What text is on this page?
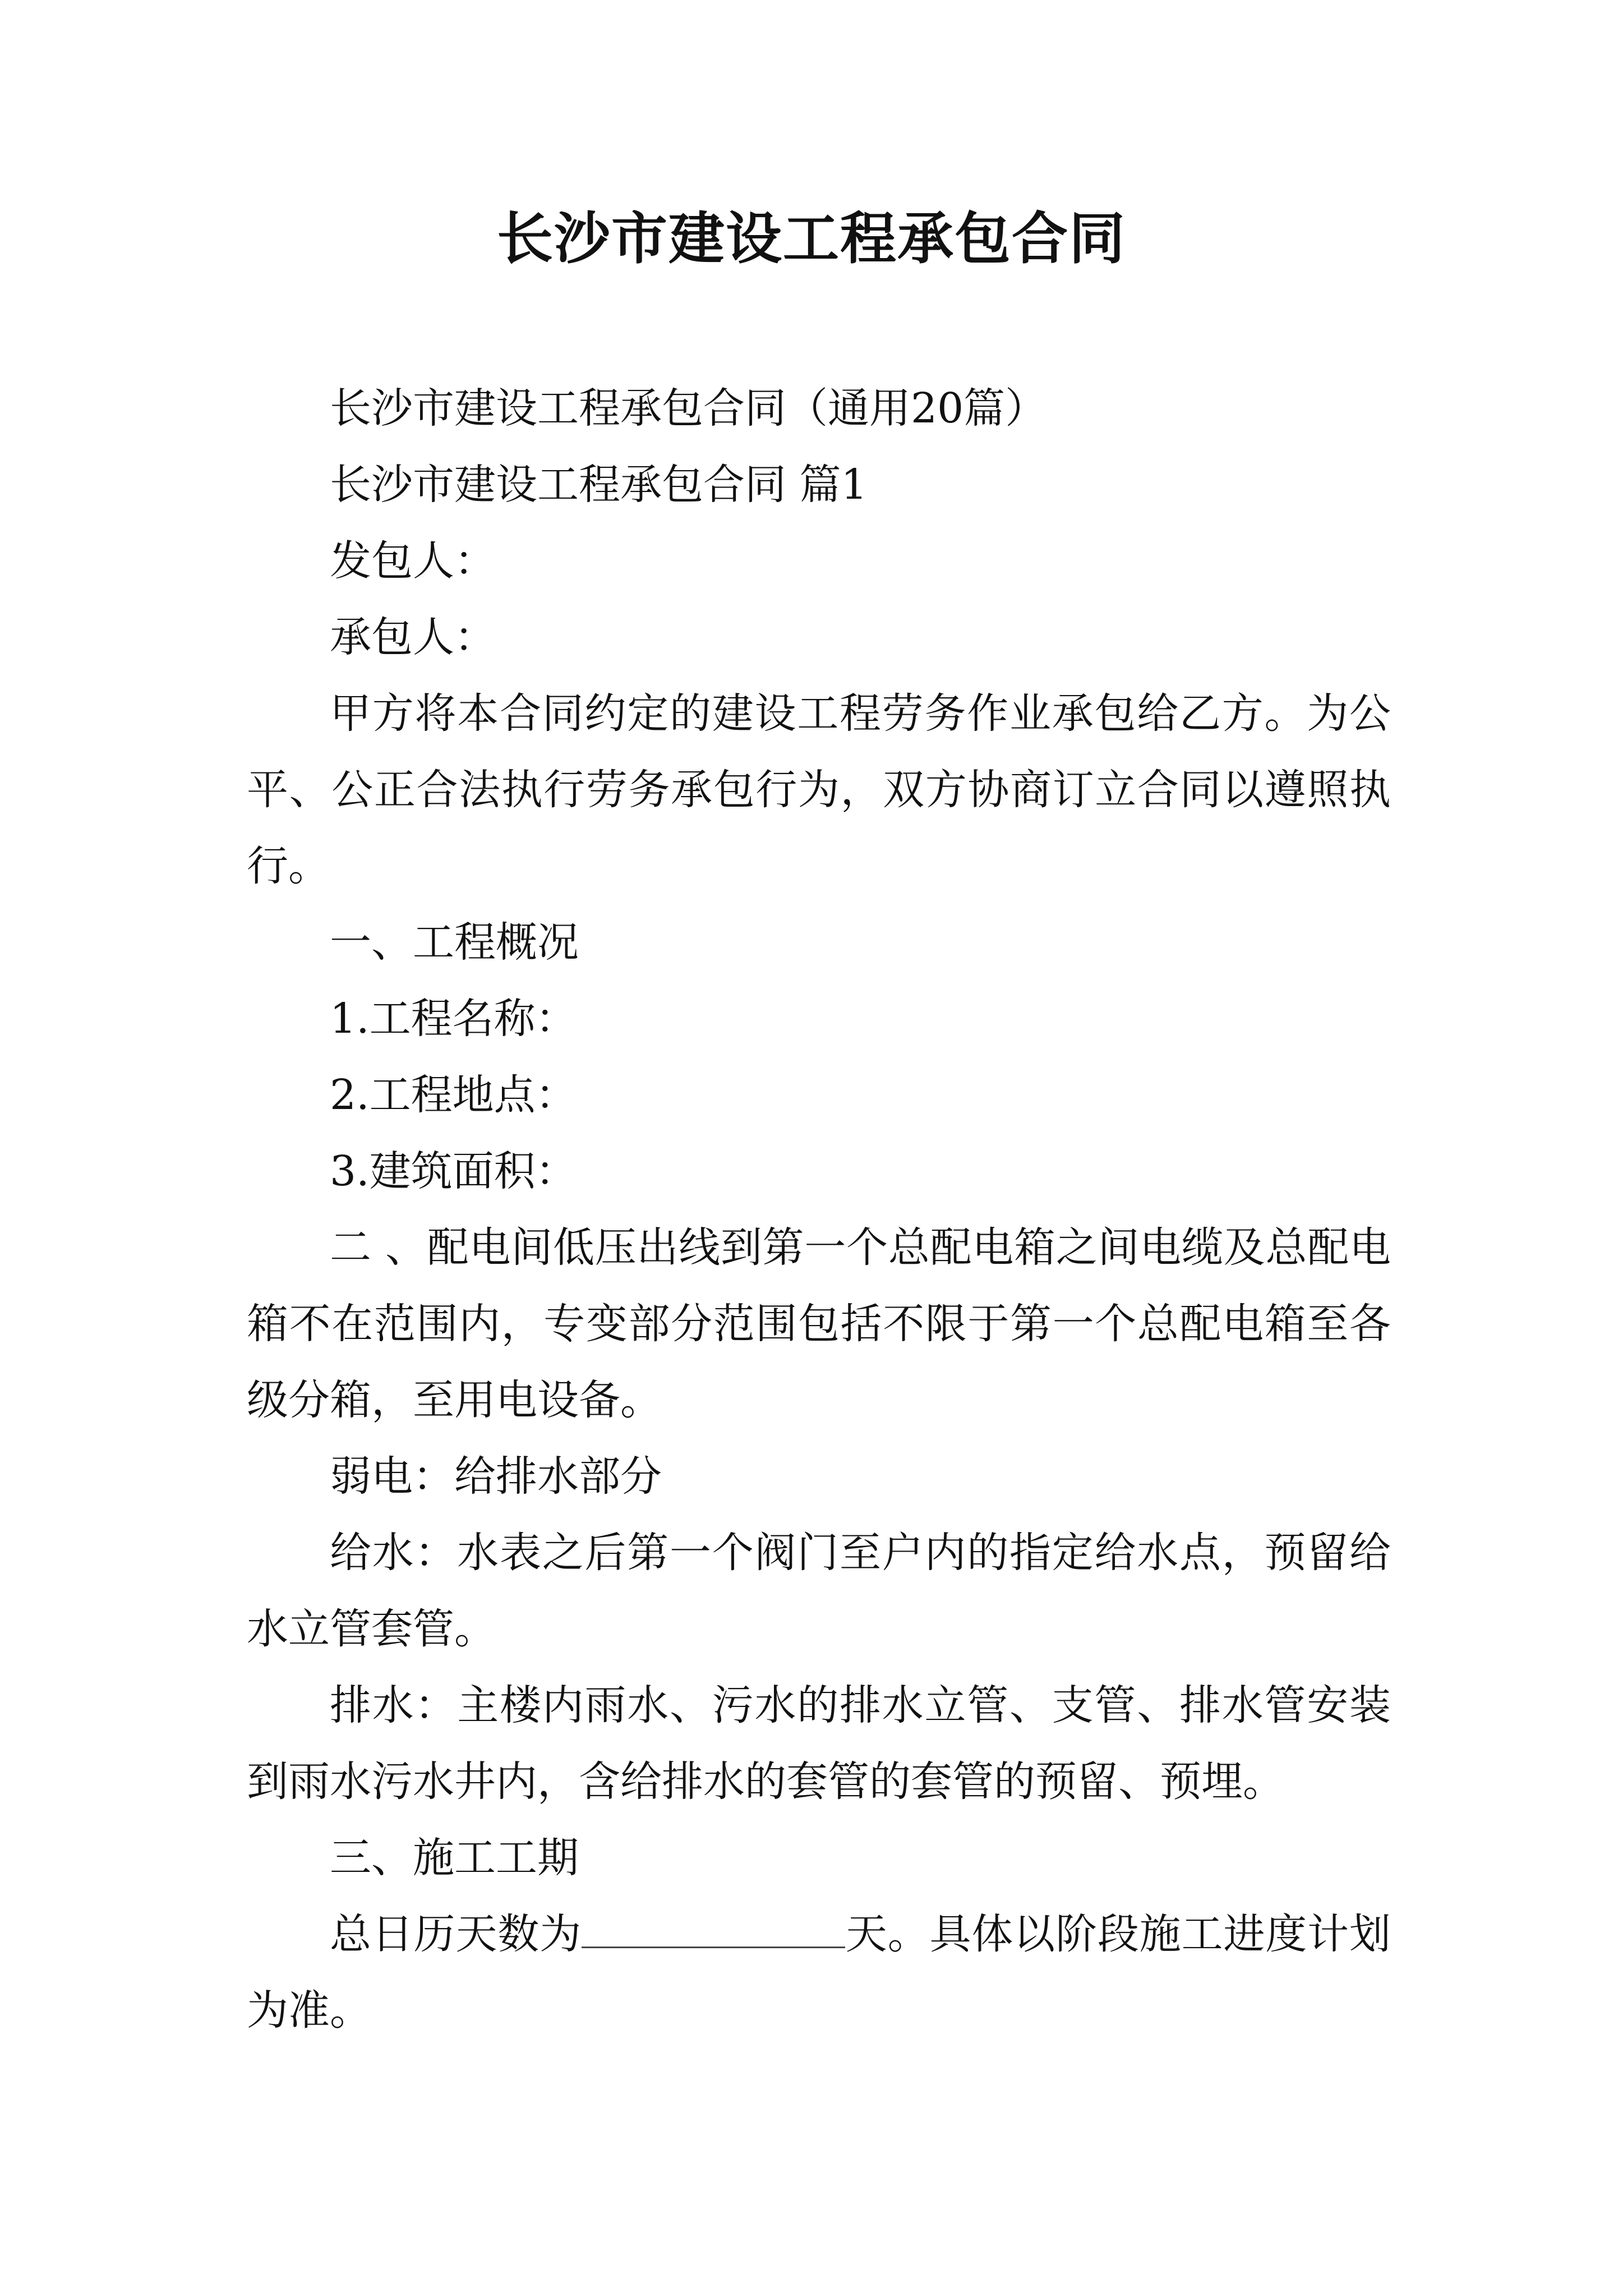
长沙市建设工程承包合同

长沙市建设工程承包合同（通用20篇）

长沙市建设工程承包合同 篇1

发包人：

承包人：

甲方将本合同约定的建设工程劳务作业承包给乙方。为公平、公正合法执行劳务承包行为，双方协商订立合同以遵照执行。

一、工程概况

1.工程名称：

2.工程地点：

3.建筑面积：

二 、配电间低压出线到第一个总配电箱之间电缆及总配电箱不在范围内，专变部分范围包括不限于第一个总配电箱至各级分箱，至用电设备。

弱电：给排水部分

给水：水表之后第一个阀门至户内的指定给水点，预留给水立管套管。

排水：主楼内雨水、污水的排水立管、支管、排水管安装到雨水污水井内，含给排水的套管的套管的预留、预埋。

三、施工工期

总日历天数为	天。具体以阶段施工进度计划为准。
